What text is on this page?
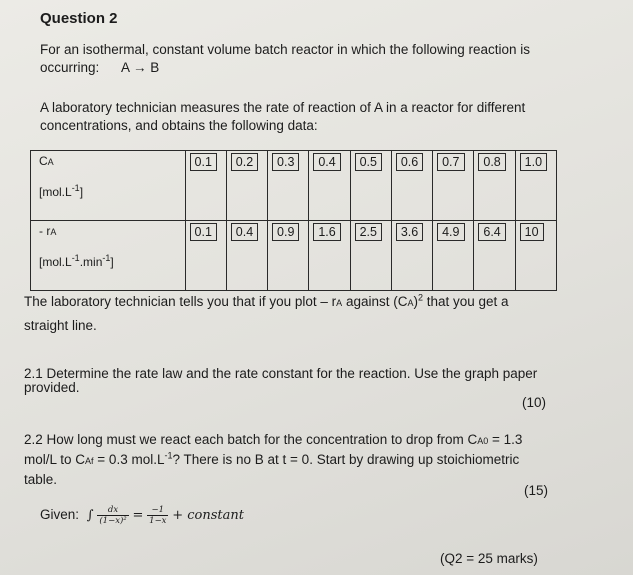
Question 2
For an isothermal, constant volume batch reactor in which the following reaction is
occurring: A → B
A laboratory technician measures the rate of reaction of A in a reactor for different
concentrations, and obtains the following data:
CA
$[mol.L^{-1}]$	0.1	0.2	0.3	0.4	0.5	0.6	0.7	0.8	1.0

- rA
$[mol.L^{-1}.\min^{-1}]$	0.1	0.4	0.9	1.6	2.5	3.6	4.9	6.4	10
The laboratory technician tells you that if you plot – rA against (CA)$^2$ that you get a
straight line.
2.1 Determine the rate law and the rate constant for the reaction. Use the graph paper
provided.
(10)
2.2 How long must we react each batch for the concentration to drop from CA0 = 1.3
mol/L to CAf = 0.3 $mol.L^{-1}$? There is no B at t = 0. Start by drawing up stoichiometric
table.
(15)
Given: ∫ $\frac{dx}{\text{(1−x)²}} = \frac{-1}{1-x}$ + constant
(Q2 = 25 marks)
